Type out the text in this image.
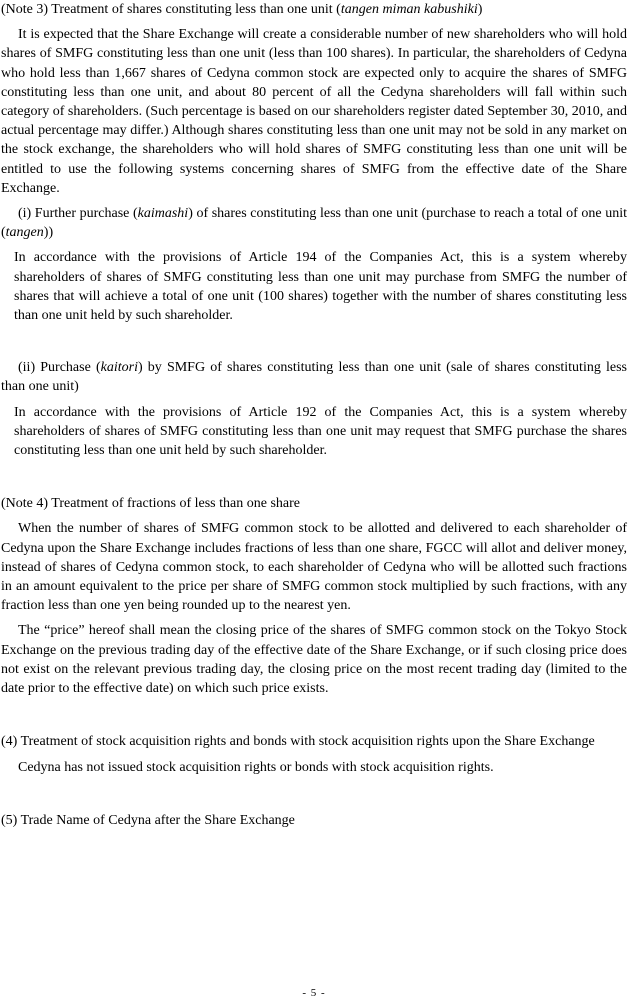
(Note 3) Treatment of shares constituting less than one unit (tangen miman kabushiki)

It is expected that the Share Exchange will create a considerable number of new shareholders who will hold shares of SMFG constituting less than one unit (less than 100 shares). In particular, the shareholders of Cedyna who hold less than 1,667 shares of Cedyna common stock are expected only to acquire the shares of SMFG constituting less than one unit, and about 80 percent of all the Cedyna shareholders will fall within such category of shareholders. (Such percentage is based on our shareholders register dated September 30, 2010, and actual percentage may differ.) Although shares constituting less than one unit may not be sold in any market on the stock exchange, the shareholders who will hold shares of SMFG constituting less than one unit will be entitled to use the following systems concerning shares of SMFG from the effective date of the Share Exchange.

(i) Further purchase (kaimashi) of shares constituting less than one unit (purchase to reach a total of one unit (tangen))

In accordance with the provisions of Article 194 of the Companies Act, this is a system whereby shareholders of shares of SMFG constituting less than one unit may purchase from SMFG the number of shares that will achieve a total of one unit (100 shares) together with the number of shares constituting less than one unit held by such shareholder.

(ii) Purchase (kaitori) by SMFG of shares constituting less than one unit (sale of shares constituting less than one unit)

In accordance with the provisions of Article 192 of the Companies Act, this is a system whereby shareholders of shares of SMFG constituting less than one unit may request that SMFG purchase the shares constituting less than one unit held by such shareholder.

(Note 4) Treatment of fractions of less than one share

When the number of shares of SMFG common stock to be allotted and delivered to each shareholder of Cedyna upon the Share Exchange includes fractions of less than one share, FGCC will allot and deliver money, instead of shares of Cedyna common stock, to each shareholder of Cedyna who will be allotted such fractions in an amount equivalent to the price per share of SMFG common stock multiplied by such fractions, with any fraction less than one yen being rounded up to the nearest yen.

The “price” hereof shall mean the closing price of the shares of SMFG common stock on the Tokyo Stock Exchange on the previous trading day of the effective date of the Share Exchange, or if such closing price does not exist on the relevant previous trading day, the closing price on the most recent trading day (limited to the date prior to the effective date) on which such price exists.

(4) Treatment of stock acquisition rights and bonds with stock acquisition rights upon the Share Exchange

Cedyna has not issued stock acquisition rights or bonds with stock acquisition rights.

(5) Trade Name of Cedyna after the Share Exchange

- 5 -
